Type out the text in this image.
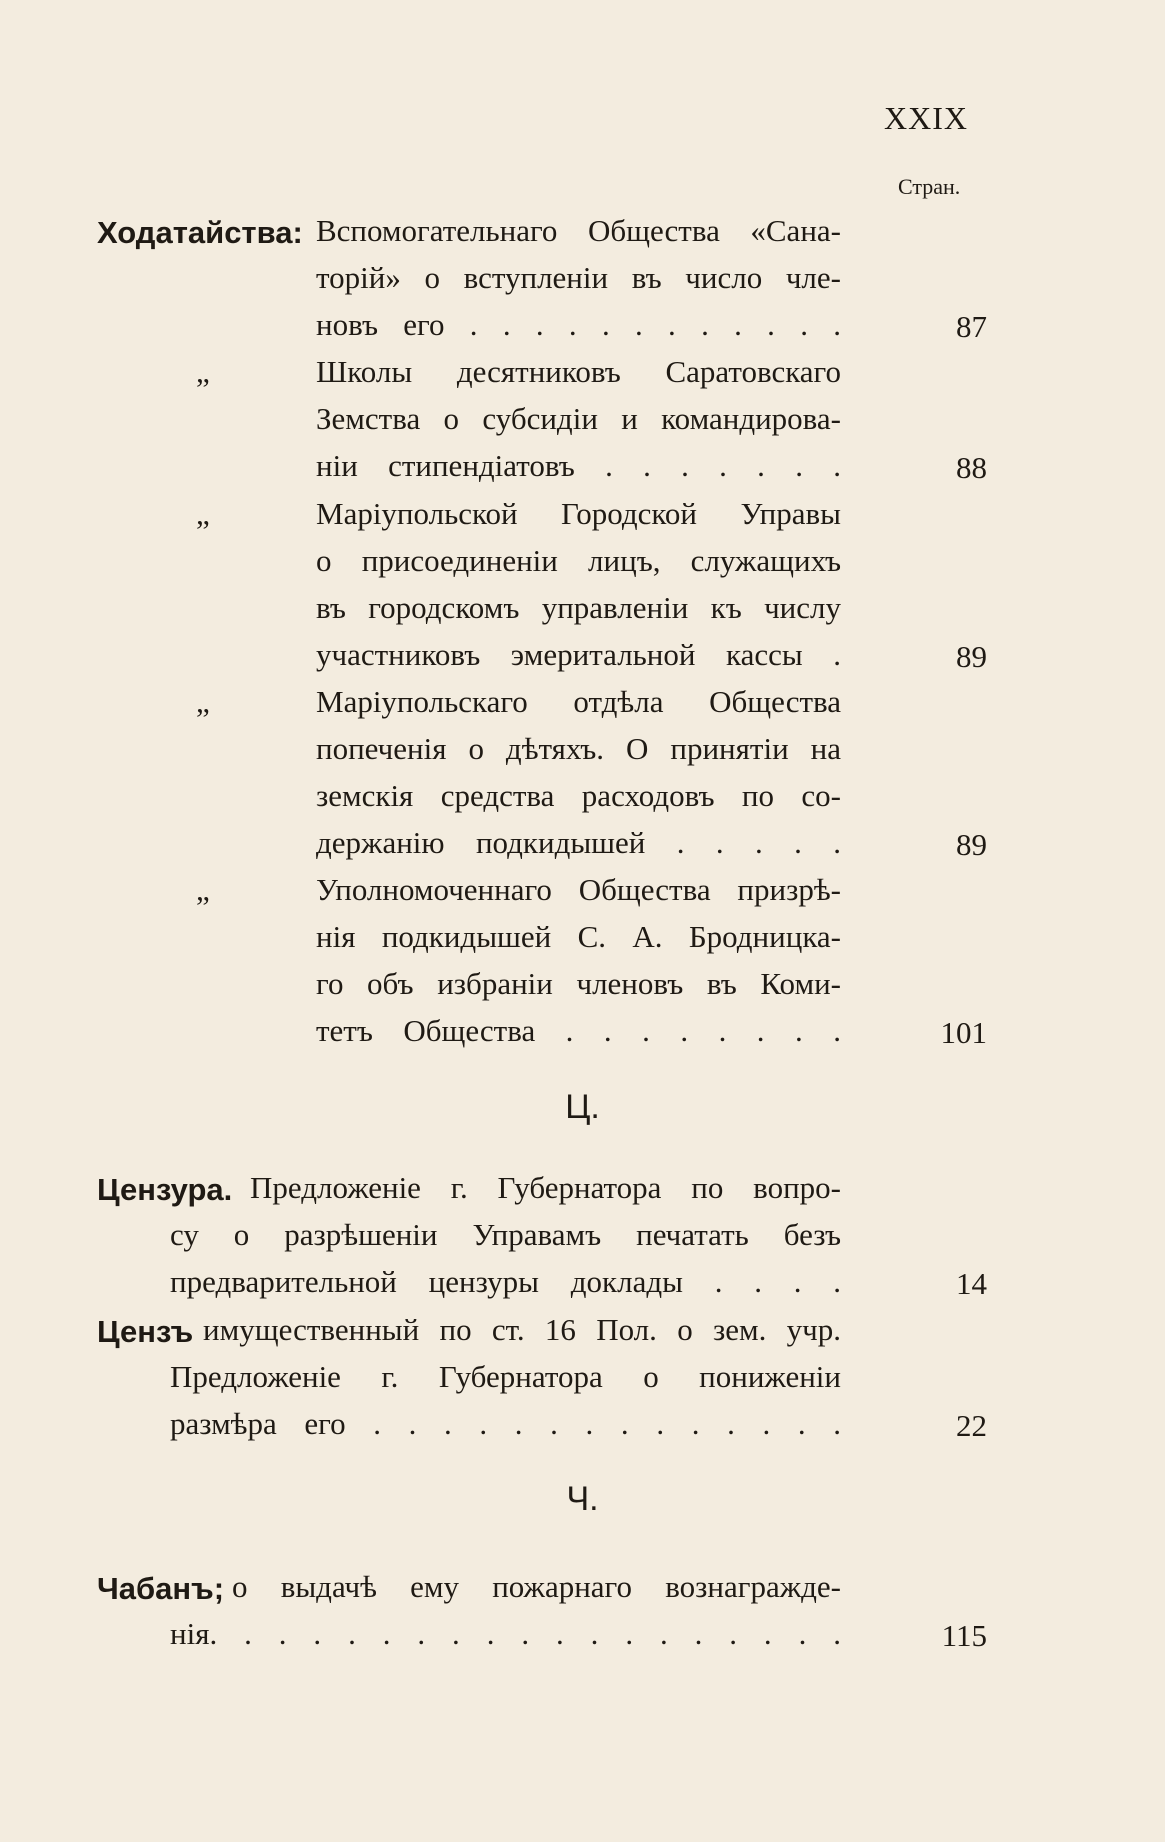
XXIX
Стран.
Ходатайства: Вспомогательнаго Общества «Сана-
торій» о вступленіи въ число чле-
новъ его . . . . . . . . . . . .	87
„	Школы десятниковъ Саратовскаго
Земства о субсидіи и командирова-
ніи стипендіатовъ . . . . . . .	88
„	Маріупольской Городской Управы
о присоединеніи лицъ, служащихъ
въ городскомъ управленіи къ числу
участниковъ эмеритальной кассы .	89
„	Маріупольскаго отдѣла Общества
попеченія о дѣтяхъ. О принятіи на
земскія средства расходовъ по со-
держанію подкидышей . . . . .	89
„	Уполномоченнаго Общества призрѣ-
нія подкидышей С. А. Бродницка-
го объ избраніи членовъ въ Коми-
тетъ Общества . . . . . . . .	101
Ц.
Цензура. Предложеніе г. Губернатора по вопро-
су о разрѣшеніи Управамъ печатать безъ
предварительной цензуры доклады . . . .	14
Цензъ имущественный по ст. 16 Пол. о зем. учр.
Предложеніе г. Губернатора о пониженіи
размѣра его . . . . . . . . . . . . . .	22
Ч.
Чабанъ; о выдачѣ ему пожарнаго вознагражде-
нія. . . . . . . . . . . . . . . . . . .	115
